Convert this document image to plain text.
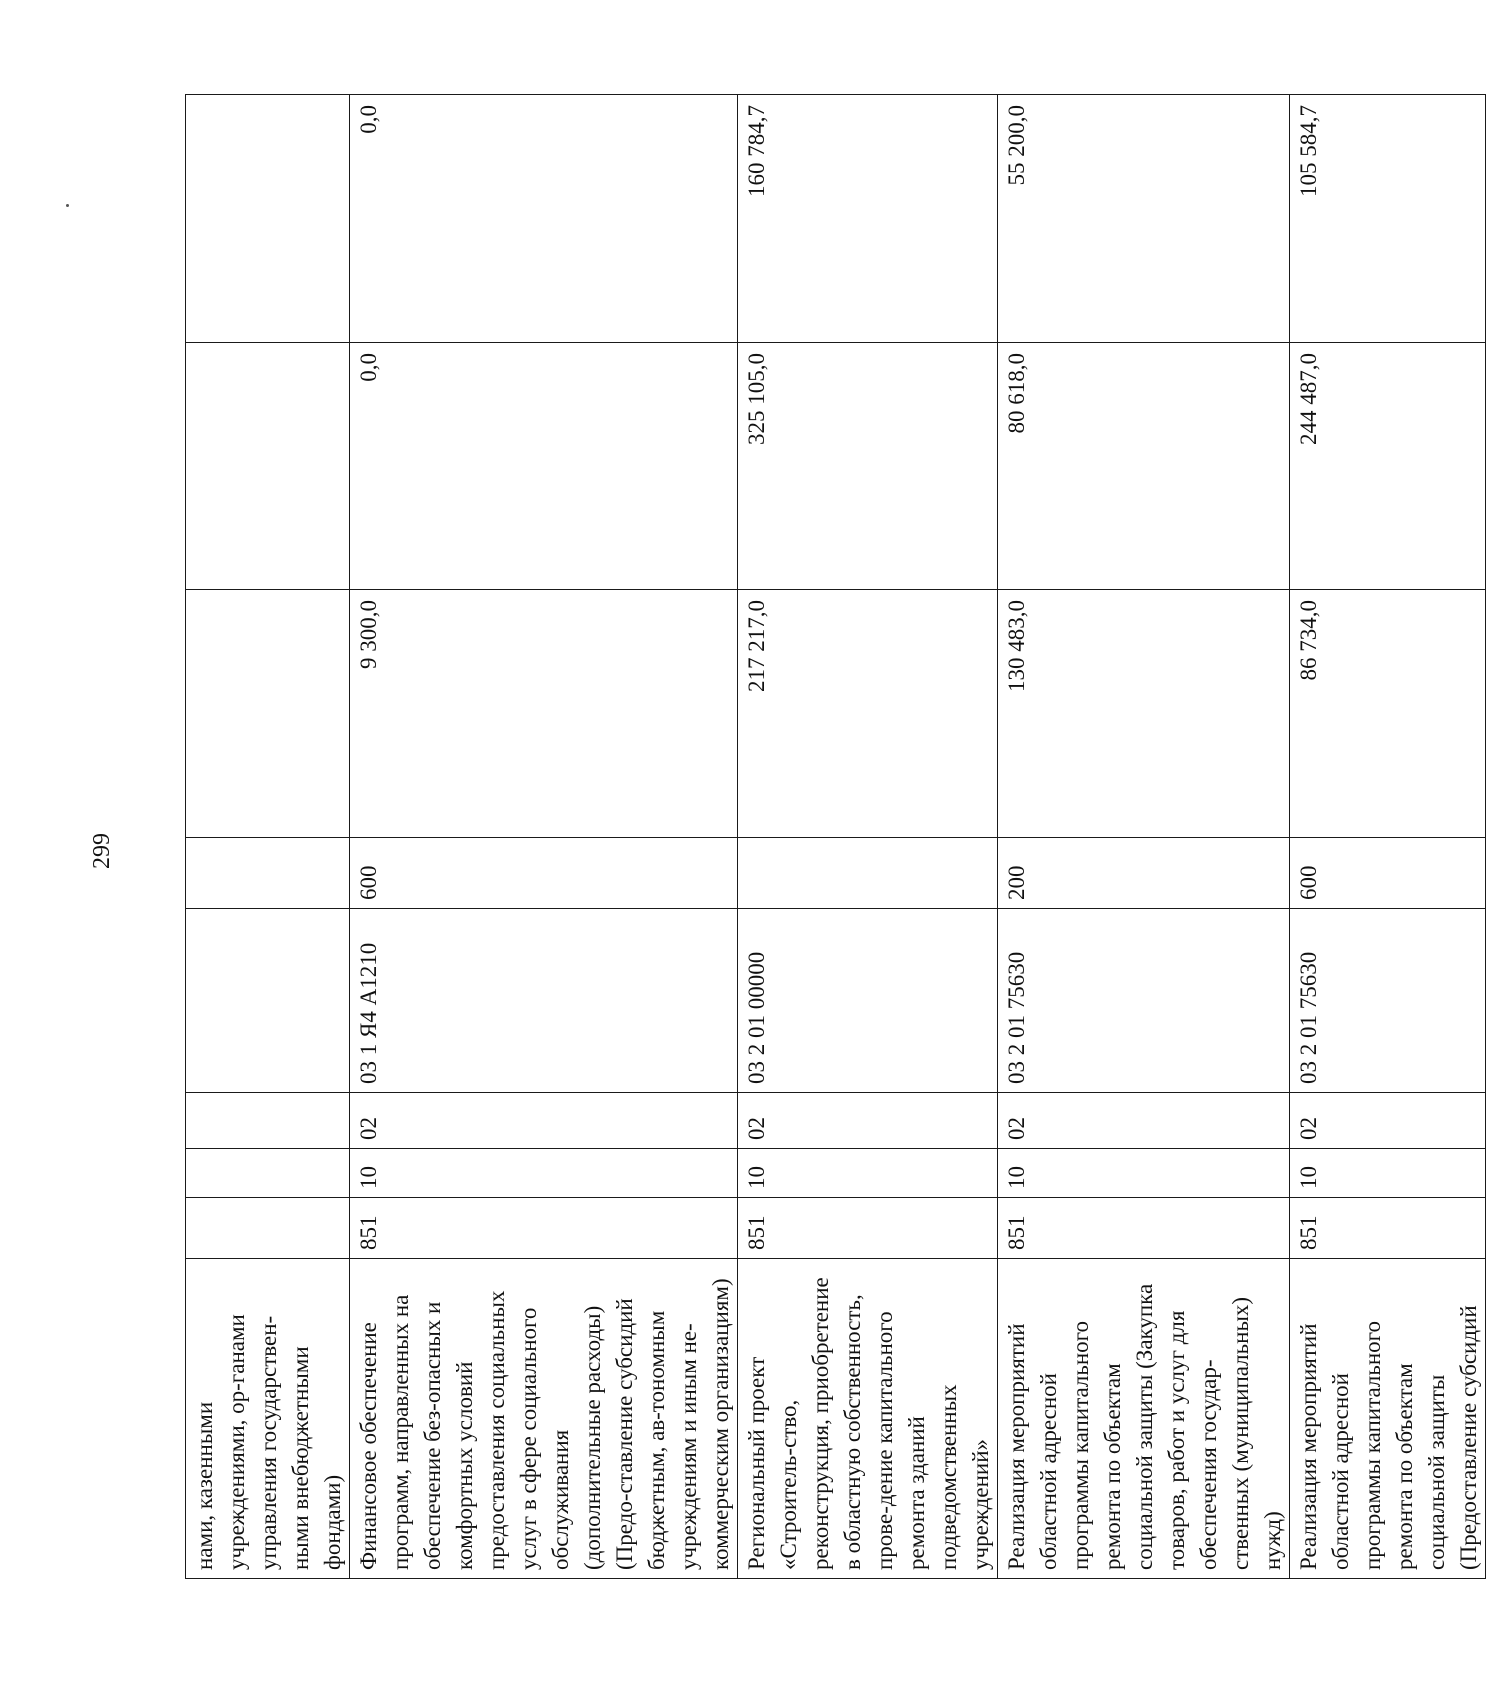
299
нами, казенными учреждениями, ор-ганами управления государствен-ными внебюджетными фондами)								
Финансовое обеспечение программ, направленных на обеспечение без-опасных и комфортных условий предоставления социальных услуг в сфере социального обслуживания (дополнительные расходы) (Предо-ставление субсидий бюджетным, ав-тономным учреждениям и иным не-коммерческим организациям)	851	10	02	03 1 Я4 А1210	600	9 300,0	0,0	0,0
Региональный проект «Строитель-ство, реконструкция, приобретение в областную собственность, прове-дение капитального ремонта зданий подведомственных учреждений»	851	10	02	03 2 01 00000		217 217,0	325 105,0	160 784,7
Реализация мероприятий областной адресной программы капитального ремонта по объектам социальной защиты (Закупка товаров, работ и услуг для обеспечения государ-ственных (муниципальных) нужд)	851	10	02	03 2 01 75630	200	130 483,0	80 618,0	55 200,0
Реализация мероприятий областной адресной программы капитального ремонта по объектам социальной защиты (Предоставление субсидий	851	10	02	03 2 01 75630	600	86 734,0	244 487,0	105 584,7
